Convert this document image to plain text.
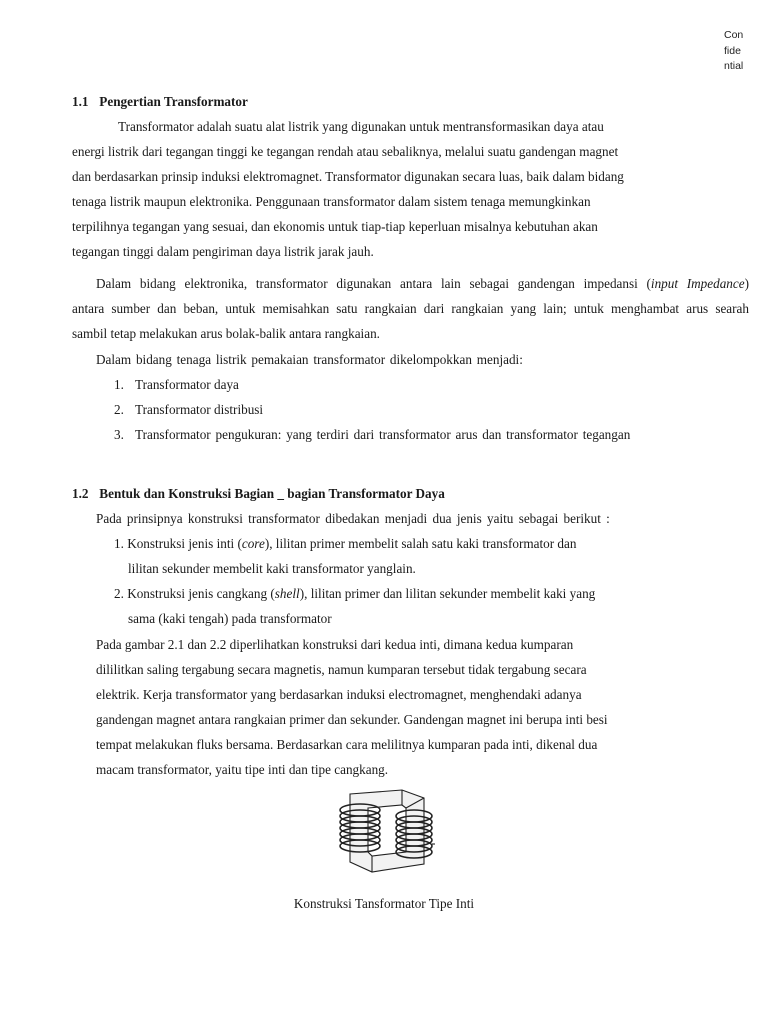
Confidential
1.1 Pengertian Transformator
Transformator adalah suatu alat listrik yang digunakan untuk mentransformasikan daya atau
energi listrik dari tegangan tinggi ke tegangan rendah atau sebaliknya, melalui suatu gandengan magnet
dan berdasarkan prinsip induksi elektromagnet. Transformator digunakan secara luas, baik dalam bidang
tenaga listrik maupun elektronika. Penggunaan transformator dalam sistem tenaga memungkinkan
terpilihnya tegangan yang sesuai, dan ekonomis untuk tiap-tiap keperluan misalnya kebutuhan akan
tegangan tinggi dalam pengiriman daya listrik jarak jauh.
Dalam bidang elektronika, transformator digunakan antara lain sebagai gandengan impedansi (input Impedance)
antara sumber dan beban, untuk memisahkan satu rangkaian dari rangkaian yang lain; untuk menghambat arus searah
sambil tetap melakukan arus bolak-balik antara rangkaian.
Dalam bidang tenaga listrik pemakaian transformator dikelompokkan menjadi:
1. Transformator daya
2. Transformator distribusi
3. Transformator pengukuran: yang terdiri dari transformator arus dan transformator tegangan
1.2 Bentuk dan Konstruksi Bagian _ bagian Transformator Daya
Pada prinsipnya konstruksi transformator dibedakan menjadi dua jenis yaitu sebagai berikut :
1. Konstruksi jenis inti (core), lilitan primer membelit salah satu kaki transformator dan
lilitan sekunder membelit kaki transformator yanglain.
2. Konstruksi jenis cangkang (shell), lilitan primer dan lilitan sekunder membelit kaki yang
sama (kaki tengah) pada transformator
Pada gambar 2.1 dan 2.2 diperlihatkan konstruksi dari kedua inti, dimana kedua kumparan
dililitkan saling tergabung secara magnetis, namun kumparan tersebut tidak tergabung secara
elektrik. Kerja transformator yang berdasarkan induksi electromagnet, menghendaki adanya
gandengan magnet antara rangkaian primer dan sekunder. Gandengan magnet ini berupa inti besi
tempat melakukan fluks bersama. Berdasarkan cara melilitnya kumparan pada inti, dikenal dua
macam transformator, yaitu tipe inti dan tipe cangkang.
Konstruksi Tansformator Tipe Inti
